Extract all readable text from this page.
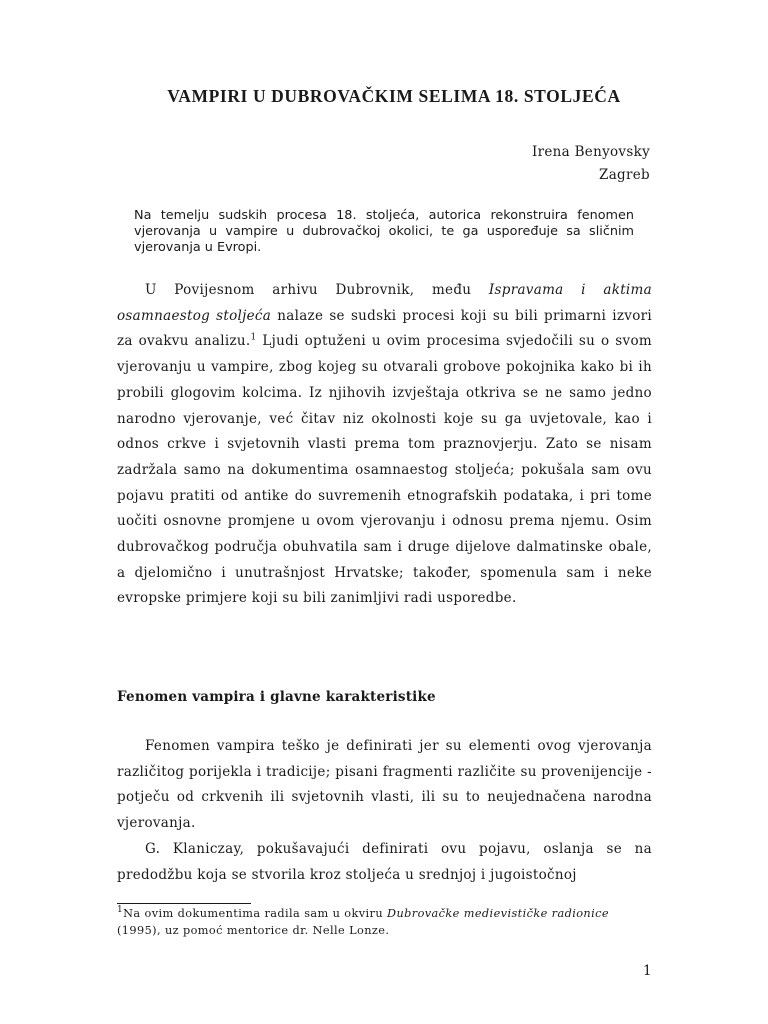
VAMPIRI U DUBROVAČKIM SELIMA 18. STOLJEĆA
Irena Benyovsky
Zagreb

Na temelju sudskih procesa 18. stoljeća, autorica rekonstruira fenomen vjerovanja u vampire u dubrovačkoj okolici, te ga uspoređuje sa sličnim vjerovanja u Evropi.

U Povijesnom arhivu Dubrovnik, među Ispravama i aktima osamnaestog stoljeća nalaze se sudski procesi koji su bili primarni izvori za ovakvu analizu.$^1$ Ljudi optuženi u ovim procesima svjedočili su o svom vjerovanju u vampire, zbog kojeg su otvarali grobove pokojnika kako bi ih probili glogovim kolcima. Iz njihovih izvještaja otkriva se ne samo jedno narodno vjerovanje, već čitav niz okolnosti koje su ga uvjetovale, kao i odnos crkve i svjetovnih vlasti prema tom praznovjerju. Zato se nisam zadržala samo na dokumentima osamnaestog stoljeća; pokušala sam ovu pojavu pratiti od antike do suvremenih etnografskih podataka, i pri tome uočiti osnovne promjene u ovom vjerovanju i odnosu prema njemu. Osim dubrovačkog područja obuhvatila sam i druge dijelove dalmatinske obale, a djelomično i unutrašnjost Hrvatske; također, spomenula sam i neke evropske primjere koji su bili zanimljivi radi usporedbe.

Fenomen vampira i glavne karakteristike

Fenomen vampira teško je definirati jer su elementi ovog vjerovanja različitog porijekla i tradicije; pisani fragmenti različite su provenijencije - potječu od crkvenih ili svjetovnih vlasti, ili su to neujednačena narodna vjerovanja.

G. Klaniczay, pokušavajući definirati ovu pojavu, oslanja se na predodžbu koja se stvorila kroz stoljeća u srednjoj i jugoistočnoj

$^1$Na ovim dokumentima radila sam u okviru Dubrovačke medievističke radionice (1995), uz pomoć mentorice dr. Nelle Lonze.

1
